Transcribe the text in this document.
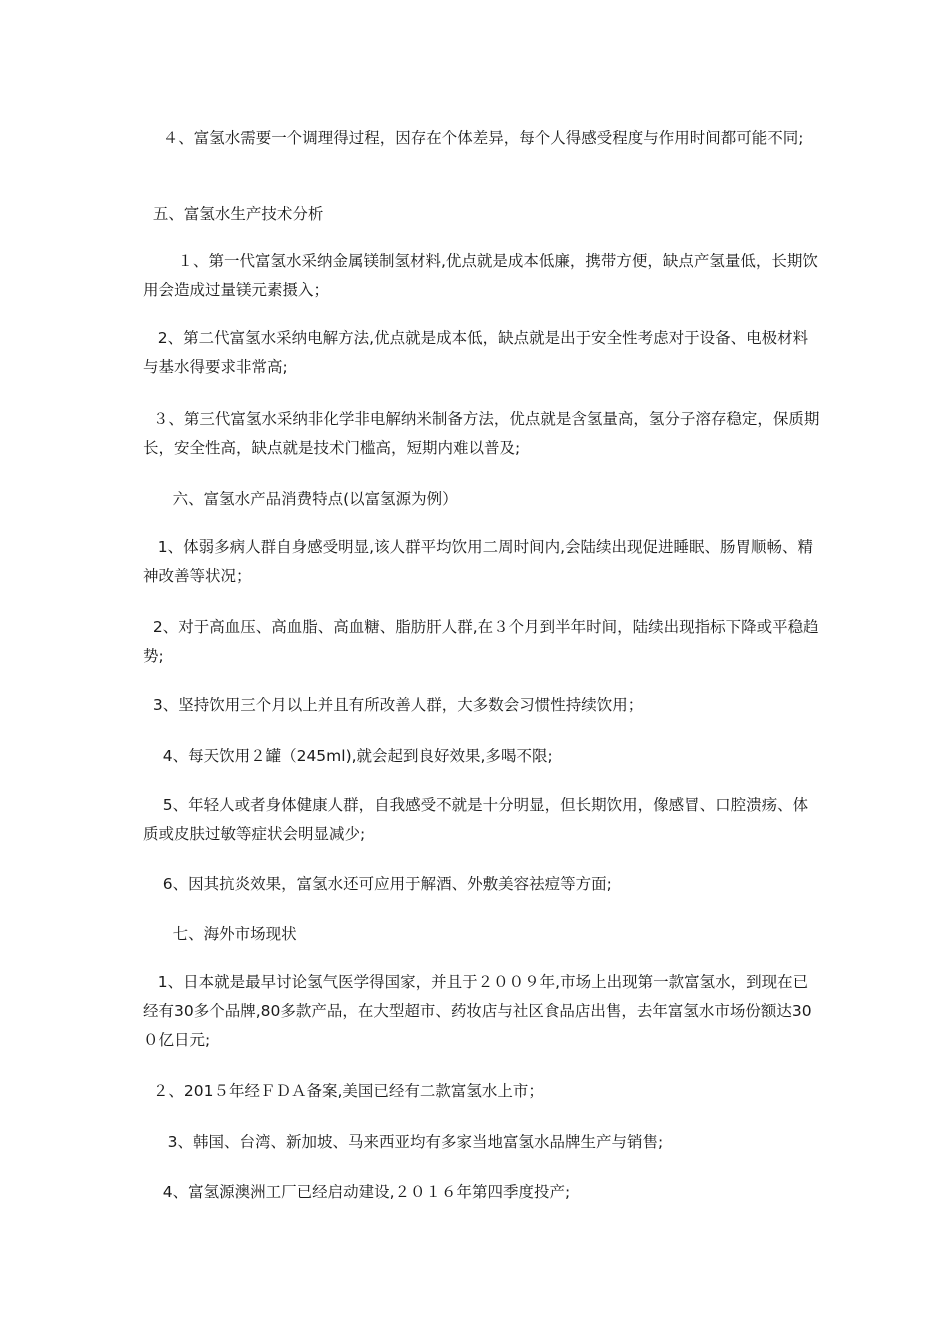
４、富氢水需要一个调理得过程，因存在个体差异，每个人得感受程度与作用时间都可能不同;

五、富氢水生产技术分析

１、第一代富氢水采纳金属镁制氢材料,优点就是成本低廉，携带方便，缺点产氢量低，长期饮用会造成过量镁元素摄入；

2、第二代富氢水采纳电解方法,优点就是成本低，缺点就是出于安全性考虑对于设备、电极材料与基水得要求非常高;

３、第三代富氢水采纳非化学非电解纳米制备方法，优点就是含氢量高，氢分子溶存稳定，保质期长，安全性高，缺点就是技术门槛高，短期内难以普及;

六、富氢水产品消费特点(以富氢源为例）

1、体弱多病人群自身感受明显,该人群平均饮用二周时间内,会陆续出现促进睡眠、肠胃顺畅、精神改善等状况；

2、对于高血压、高血脂、高血糖、脂肪肝人群,在３个月到半年时间，陆续出现指标下降或平稳趋势;

3、坚持饮用三个月以上并且有所改善人群，大多数会习惯性持续饮用；

4、每天饮用２罐（245ml),就会起到良好效果,多喝不限;

5、年轻人或者身体健康人群，自我感受不就是十分明显，但长期饮用，像感冒、口腔溃疡、体质或皮肤过敏等症状会明显减少;

6、因其抗炎效果，富氢水还可应用于解酒、外敷美容祛痘等方面;

七、海外市场现状

1、日本就是最早讨论氢气医学得国家，并且于２００９年,市场上出现第一款富氢水，到现在已经有30多个品牌,80多款产品，在大型超市、药妆店与社区食品店出售，去年富氢水市场份额达30０亿日元;

２、201５年经ＦＤＡ备案,美国已经有二款富氢水上市；

3、韩国、台湾、新加坡、马来西亚均有多家当地富氢水品牌生产与销售;

4、富氢源澳洲工厂已经启动建设,２０１６年第四季度投产;
